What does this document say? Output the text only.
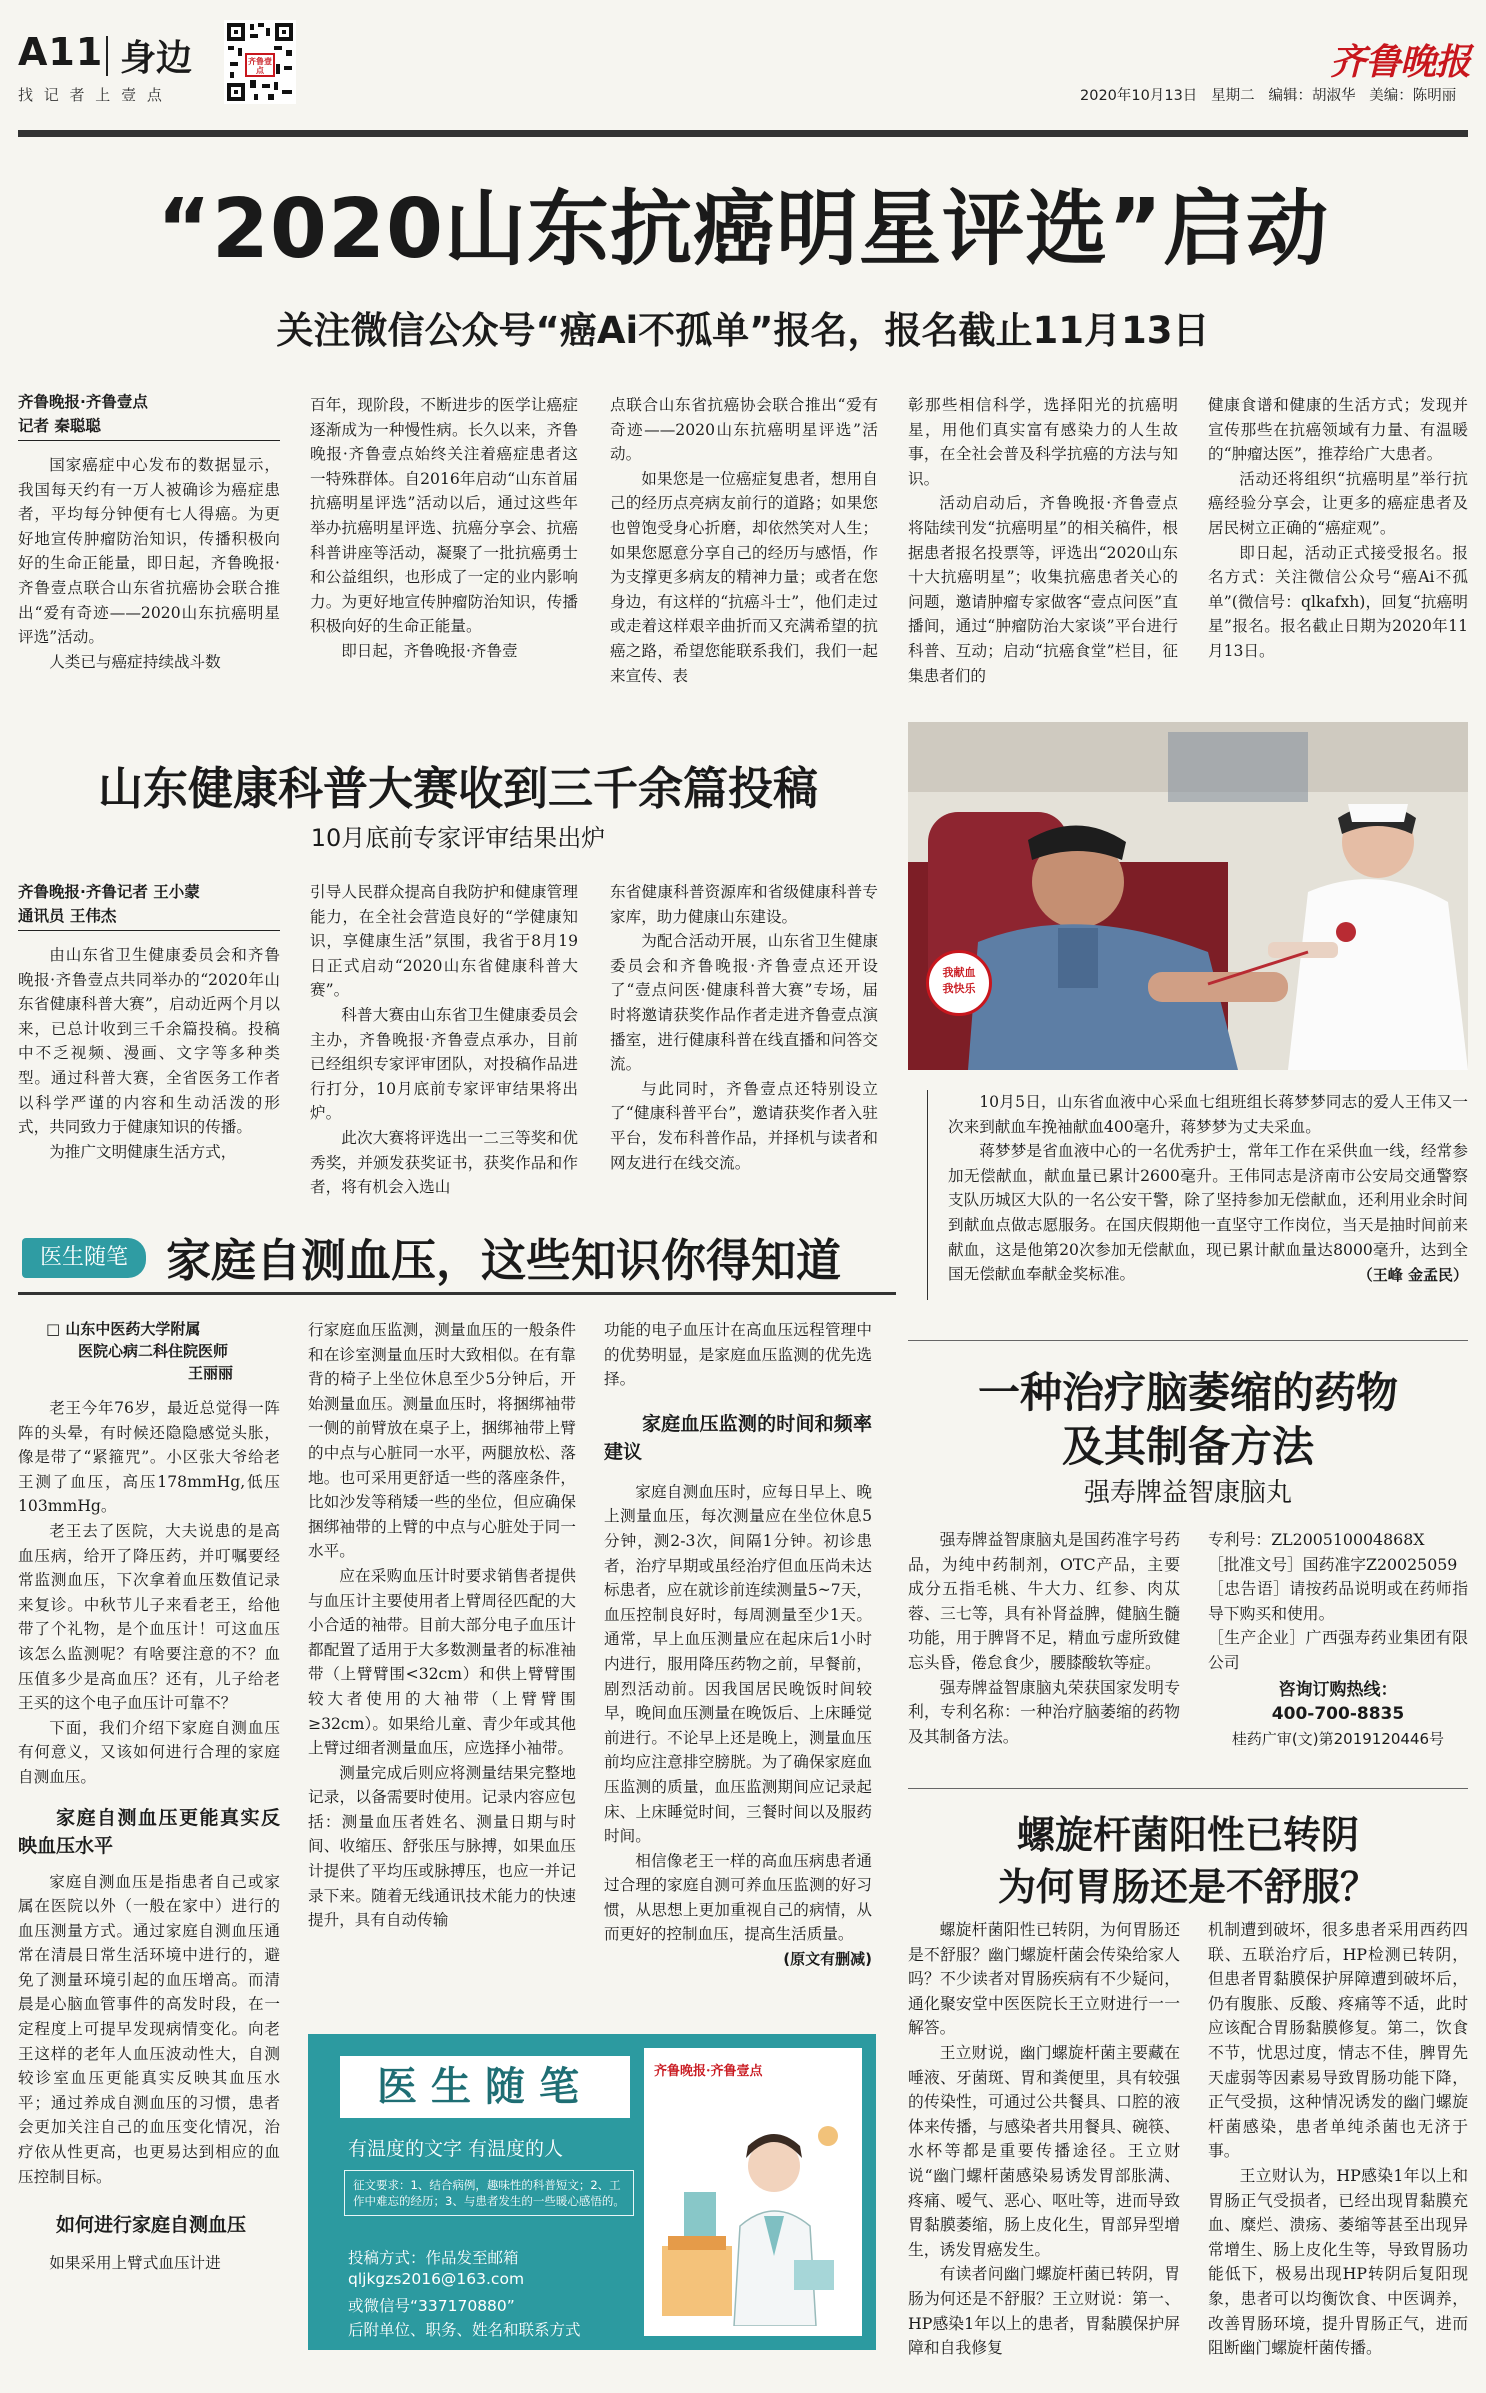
A11 身边
找 记 者 上 壹 点
齐鲁壹点	齐鲁晚报
2020年10月13日 星期二 编辑：胡淑华 美编：陈明丽
“2020山东抗癌明星评选”启动
关注微信公众号“癌Ai不孤单”报名，报名截止11月13日
齐鲁晚报·齐鲁壹点
记者 秦聪聪

国家癌症中心发布的数据显示，我国每天约有一万人被确诊为癌症患者，平均每分钟便有七人得癌。为更好地宣传肿瘤防治知识，传播积极向好的生命正能量，即日起，齐鲁晚报·齐鲁壹点联合山东省抗癌协会联合推出“爱有奇迹——2020山东抗癌明星评选”活动。

人类已与癌症持续战斗数

百年，现阶段，不断进步的医学让癌症逐渐成为一种慢性病。长久以来，齐鲁晚报·齐鲁壹点始终关注着癌症患者这一特殊群体。自2016年启动“山东首届抗癌明星评选”活动以后，通过这些年举办抗癌明星评选、抗癌分享会、抗癌科普讲座等活动，凝聚了一批抗癌勇士和公益组织，也形成了一定的业内影响力。为更好地宣传肿瘤防治知识，传播积极向好的生命正能量。

即日起，齐鲁晚报·齐鲁壹

点联合山东省抗癌协会联合推出“爱有奇迹——2020山东抗癌明星评选”活动。

如果您是一位癌症复患者，想用自己的经历点亮病友前行的道路；如果您也曾饱受身心折磨，却依然笑对人生；如果您愿意分享自己的经历与感悟，作为支撑更多病友的精神力量；或者在您身边，有这样的“抗癌斗士”，他们走过或走着这样艰辛曲折而又充满希望的抗癌之路，希望您能联系我们，我们一起来宣传、表

彰那些相信科学，选择阳光的抗癌明星，用他们真实富有感染力的人生故事，在全社会普及科学抗癌的方法与知识。

活动启动后，齐鲁晚报·齐鲁壹点将陆续刊发“抗癌明星”的相关稿件，根据患者报名投票等，评选出“2020山东十大抗癌明星”；收集抗癌患者关心的问题，邀请肿瘤专家做客“壹点问医”直播间，通过“肿瘤防治大家谈”平台进行科普、互动；启动“抗癌食堂”栏目，征集患者们的

健康食谱和健康的生活方式；发现并宣传那些在抗癌领域有力量、有温暖的“肿瘤达医”，推荐给广大患者。

活动还将组织“抗癌明星”举行抗癌经验分享会，让更多的癌症患者及居民树立正确的“癌症观”。

即日起，活动正式接受报名。报名方式：关注微信公众号“癌Ai不孤单”(微信号：qlkafxh)，回复“抗癌明星”报名。报名截止日期为2020年11月13日。

山东健康科普大赛收到三千余篇投稿
10月底前专家评审结果出炉
齐鲁晚报·齐鲁记者 王小蒙
通讯员 王伟杰

由山东省卫生健康委员会和齐鲁晚报·齐鲁壹点共同举办的“2020年山东省健康科普大赛”，启动近两个月以来，已总计收到三千余篇投稿。投稿中不乏视频、漫画、文字等多种类型。通过科普大赛，全省医务工作者以科学严谨的内容和生动活泼的形式，共同致力于健康知识的传播。

为推广文明健康生活方式，

引导人民群众提高自我防护和健康管理能力，在全社会营造良好的“学健康知识，享健康生活”氛围，我省于8月19日正式启动“2020山东省健康科普大赛”。

科普大赛由山东省卫生健康委员会主办，齐鲁晚报·齐鲁壹点承办，目前已经组织专家评审团队，对投稿作品进行打分，10月底前专家评审结果将出炉。

此次大赛将评选出一二三等奖和优秀奖，并颁发获奖证书，获奖作品和作者，将有机会入选山

东省健康科普资源库和省级健康科普专家库，助力健康山东建设。

为配合活动开展，山东省卫生健康委员会和齐鲁晚报·齐鲁壹点还开设了“壹点问医·健康科普大赛”专场，届时将邀请获奖作品作者走进齐鲁壹点演播室，进行健康科普在线直播和问答交流。

与此同时，齐鲁壹点还特别设立了“健康科普平台”，邀请获奖作者入驻平台，发布科普作品，并择机与读者和网友进行在线交流。

我献血
我快乐

10月5日，山东省血液中心采血七组班组长蒋梦梦同志的爱人王伟又一次来到献血车挽袖献血400毫升，蒋梦梦为丈夫采血。

蒋梦梦是省血液中心的一名优秀护士，常年工作在采供血一线，经常参加无偿献血，献血量已累计2600毫升。王伟同志是济南市公安局交通警察支队历城区大队的一名公安干警，除了坚持参加无偿献血，还利用业余时间到献血点做志愿服务。在国庆假期他一直坚守工作岗位，当天是抽时间前来献血，这是他第20次参加无偿献血，现已累计献血量达8000毫升，达到全国无偿献血奉献金奖标准。	（王峰 金孟民）
医生随笔 家庭自测血压，这些知识你得知道
□ 山东中医药大学附属
医院心病二科住院医师
王丽丽

老王今年76岁，最近总觉得一阵阵的头晕，有时候还隐隐感觉头胀，像是带了“紧箍咒”。小区张大爷给老王测了血压，高压178mmHg,低压103mmHg。

老王去了医院，大夫说患的是高血压病，给开了降压药，并叮嘱要经常监测血压，下次拿着血压数值记录来复诊。中秋节儿子来看老王，给他带了个礼物，是个血压计！可这血压该怎么监测呢？有啥要注意的不？血压值多少是高血压？还有，儿子给老王买的这个电子血压计可靠不？

下面，我们介绍下家庭自测血压有何意义，又该如何进行合理的家庭自测血压。

家庭自测血压更能真实反映血压水平

家庭自测血压是指患者自己或家属在医院以外（一般在家中）进行的血压测量方式。通过家庭自测血压通常在清晨日常生活环境中进行的，避免了测量环境引起的血压增高。而清晨是心脑血管事件的高发时段，在一定程度上可提早发现病情变化。向老王这样的老年人血压波动性大，自测较诊室血压更能真实反映其血压水平；通过养成自测血压的习惯，患者会更加关注自己的血压变化情况，治疗依从性更高，也更易达到相应的血压控制目标。

如何进行家庭自测血压

如果采用上臂式血压计进

行家庭血压监测，测量血压的一般条件和在诊室测量血压时大致相似。在有靠背的椅子上坐位休息至少5分钟后，开始测量血压。测量血压时，将捆绑袖带一侧的前臂放在桌子上，捆绑袖带上臂的中点与心脏同一水平，两腿放松、落地。也可采用更舒适一些的落座条件，比如沙发等稍矮一些的坐位，但应确保捆绑袖带的上臂的中点与心脏处于同一水平。

应在采购血压计时要求销售者提供与血压计主要使用者上臂周径匹配的大小合适的袖带。目前大部分电子血压计都配置了适用于大多数测量者的标准袖带（上臂臂围<32cm）和供上臂臂围较大者使用的大袖带（上臂臂围≥32cm）。如果给儿童、青少年或其他上臂过细者测量血压，应选择小袖带。

测量完成后则应将测量结果完整地记录，以备需要时使用。记录内容应包括：测量血压者姓名、测量日期与时间、收缩压、舒张压与脉搏，如果血压计提供了平均压或脉搏压，也应一并记录下来。随着无线通讯技术能力的快速提升，具有自动传输

功能的电子血压计在高血压远程管理中的优势明显，是家庭血压监测的优先选择。

家庭血压监测的时间和频率建议

家庭自测血压时，应每日早上、晚上测量血压，每次测量应在坐位休息5分钟，测2-3次，间隔1分钟。初诊患者，治疗早期或虽经治疗但血压尚未达标患者，应在就诊前连续测量5~7天，血压控制良好时，每周测量至少1天。通常，早上血压测量应在起床后1小时内进行，服用降压药物之前，早餐前，剧烈活动前。因我国居民晚饭时间较早，晚间血压测量在晚饭后、上床睡觉前进行。不论早上还是晚上，测量血压前均应注意排空膀胱。为了确保家庭血压监测的质量，血压监测期间应记录起床、上床睡觉时间，三餐时间以及服药时间。

相信像老王一样的高血压病患者通过合理的家庭自测可养血压监测的好习惯，从思想上更加重视自己的病情，从而更好的控制血压，提高生活质量。

(原文有删减)
医生随笔
有温度的文字 有温度的人
征文要求：1、结合病例，趣味性的科普短文；2、工作中难忘的经历；3、与患者发生的一些暖心感悟的。
投稿方式：作品发至邮箱
qljkgzs2016@163.com
或微信号“337170880”
后附单位、职务、姓名和联系方式
齐鲁晚报·齐鲁壹点
一种治疗脑萎缩的药物
及其制备方法
强寿牌益智康脑丸

强寿牌益智康脑丸是国药准字号药品，为纯中药制剂，OTC产品，主要成分五指毛桃、牛大力、红参、肉苁蓉、三七等，具有补肾益脾，健脑生髓功能，用于脾肾不足，精血亏虚所致健忘头昏，倦怠食少，腰膝酸软等症。

强寿牌益智康脑丸荣获国家发明专利，专利名称：一种治疗脑萎缩的药物及其制备方法。

专利号：ZL200510004868X

［批准文号］国药准字Z20025059

［忠告语］请按药品说明或在药师指导下购买和使用。

［生产企业］广西强寿药业集团有限公司

咨询订购热线：
400-700-8835
桂药广审(文)第2019120446号
螺旋杆菌阳性已转阴
为何胃肠还是不舒服？

螺旋杆菌阳性已转阴，为何胃肠还是不舒服？幽门螺旋杆菌会传染给家人吗？不少读者对胃肠疾病有不少疑问，通化聚安堂中医医院长王立财进行一一解答。

王立财说，幽门螺旋杆菌主要藏在唾液、牙菌斑、胃和粪便里，具有较强的传染性，可通过公共餐具、口腔的液体来传播，与感染者共用餐具、碗筷、水杯等都是重要传播途径。王立财说“幽门螺杆菌感染易诱发胃部胀满、疼痛、嗳气、恶心、呕吐等，进而导致胃黏膜萎缩，肠上皮化生，胃部异型增生，诱发胃癌发生。

有读者问幽门螺旋杆菌已转阴，胃肠为何还是不舒服？王立财说：第一、HP感染1年以上的患者，胃黏膜保护屏障和自我修复

机制遭到破坏，很多患者采用西药四联、五联治疗后，HP检测已转阴，但患者胃黏膜保护屏障遭到破坏后，仍有腹胀、反酸、疼痛等不适，此时应该配合胃肠黏膜修复。第二，饮食不节，忧思过度，情志不佳，脾胃先天虚弱等因素易导致胃肠功能下降，正气受损，这种情况诱发的幽门螺旋杆菌感染，患者单纯杀菌也无济于事。

王立财认为，HP感染1年以上和胃肠正气受损者，已经出现胃黏膜充血、糜烂、溃疡、萎缩等甚至出现异常增生、肠上皮化生等，导致胃肠功能低下，极易出现HP转阴后复阳现象，患者可以均衡饮食、中医调养，改善胃肠环境，提升胃肠正气，进而阻断幽门螺旋杆菌传播。
